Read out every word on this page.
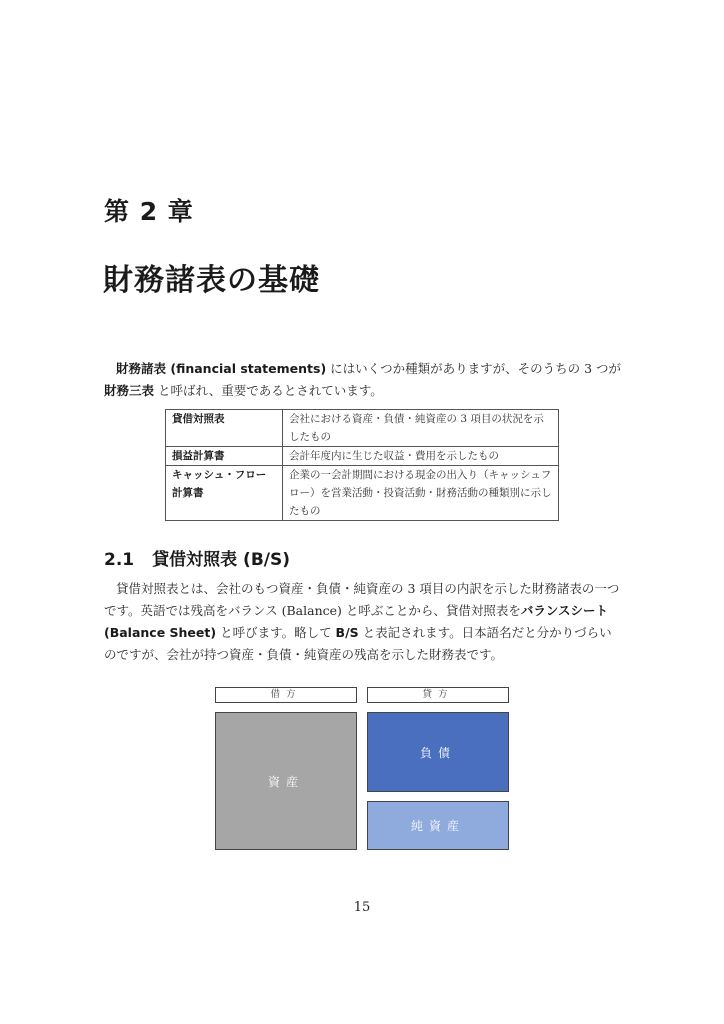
第 2 章
財務諸表の基礎

財務諸表 (financial statements) にはいくつか種類がありますが、そのうちの 3 つが 財務三表 と呼ばれ、重要であるとされています。

貸借対照表	会社における資産・負債・純資産の 3 項目の状況を示したもの
損益計算書	会計年度内に生じた収益・費用を示したもの
キャッシュ・フロー計算書	企業の一会計期間における現金の出入り（キャッシュフロー）を営業活動・投資活動・財務活動の種類別に示したもの
2.1 貸借対照表 (B/S)

貸借対照表とは、会社のもつ資産・負債・純資産の 3 項目の内訳を示した財務諸表の一つです。英語では残高をバランス (Balance) と呼ぶことから、貸借対照表をバランスシート (Balance Sheet) と呼びます。略して B/S と表記されます。日本語名だと分かりづらいのですが、会社が持つ資産・負債・純資産の残高を示した財務表です。

借方	貸方
資産
負債
純資産
15
